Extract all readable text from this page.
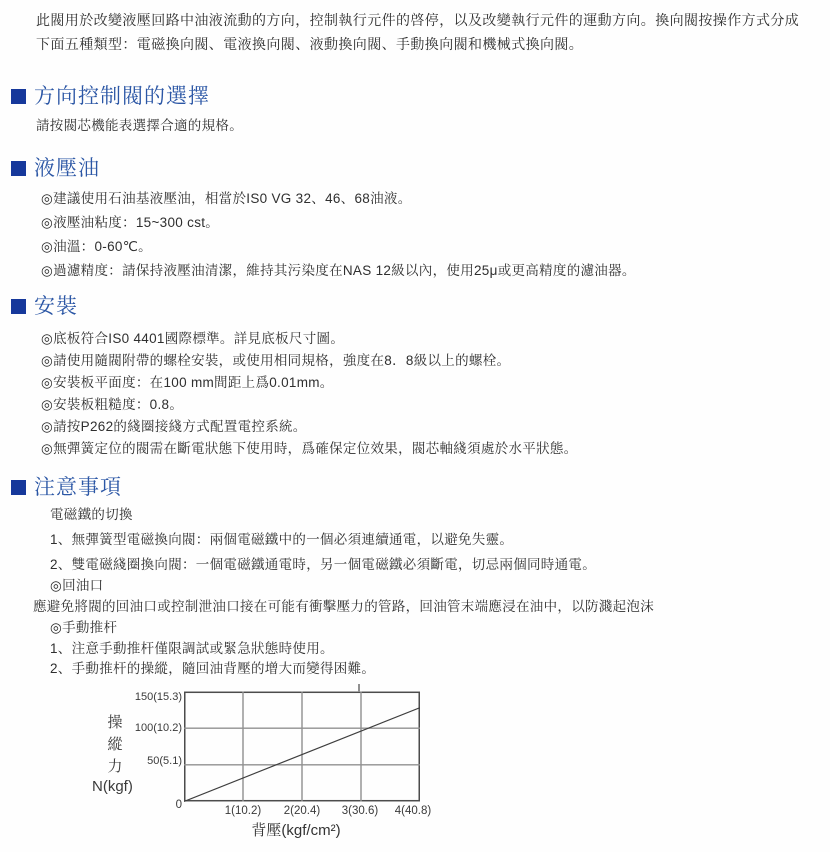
此閥用於改變液壓回路中油液流動的方向，控制執行元件的啓停，以及改變執行元件的運動方向。換向閥按操作方式分成
下面五種類型：電磁換向閥、電液換向閥、液動換向閥、手動換向閥和機械式換向閥。
方向控制閥的選擇
請按閥芯機能表選擇合適的規格。
液壓油
◎建議使用石油基液壓油，相當於IS0 VG 32、46、68油液。
◎液壓油粘度：15~300 cst。
◎油溫：0-60℃。
◎過濾精度：請保持液壓油清潔，維持其污染度在NAS 12級以內，使用25μ或更高精度的濾油器。
安裝
◎底板符合IS0 4401國際標準。詳見底板尺寸圖。
◎請使用隨閥附帶的螺栓安裝，或使用相同規格，強度在8．8級以上的螺栓。
◎安裝板平面度：在100 mm間距上爲0.01mm。
◎安裝板粗糙度：0.8。
◎請按P262的綫圈接綫方式配置電控系統。
◎無彈簧定位的閥需在斷電狀態下使用時，爲確保定位效果，閥芯軸綫須處於水平狀態。
注意事項
電磁鐵的切換
1、無彈簧型電磁換向閥：兩個電磁鐵中的一個必須連續通電，以避免失靈。
2、雙電磁綫圈換向閥：一個電磁鐵通電時，另一個電磁鐵必須斷電，切忌兩個同時通電。
◎回油口
應避免將閥的回油口或控制泄油口接在可能有衝擊壓力的管路，回油管末端應浸在油中，以防濺起泡沫
◎手動推杆
1、注意手動推杆僅限調試或緊急狀態時使用。
2、手動推杆的操縱，隨回油背壓的增大而變得困難。
操
縱
力
N(kgf)
150(15.3)
100(10.2)
50(5.1)
0	1(10.2)	2(20.4)	3(30.6)	4(40.8)
背壓(kgf/cm²)
